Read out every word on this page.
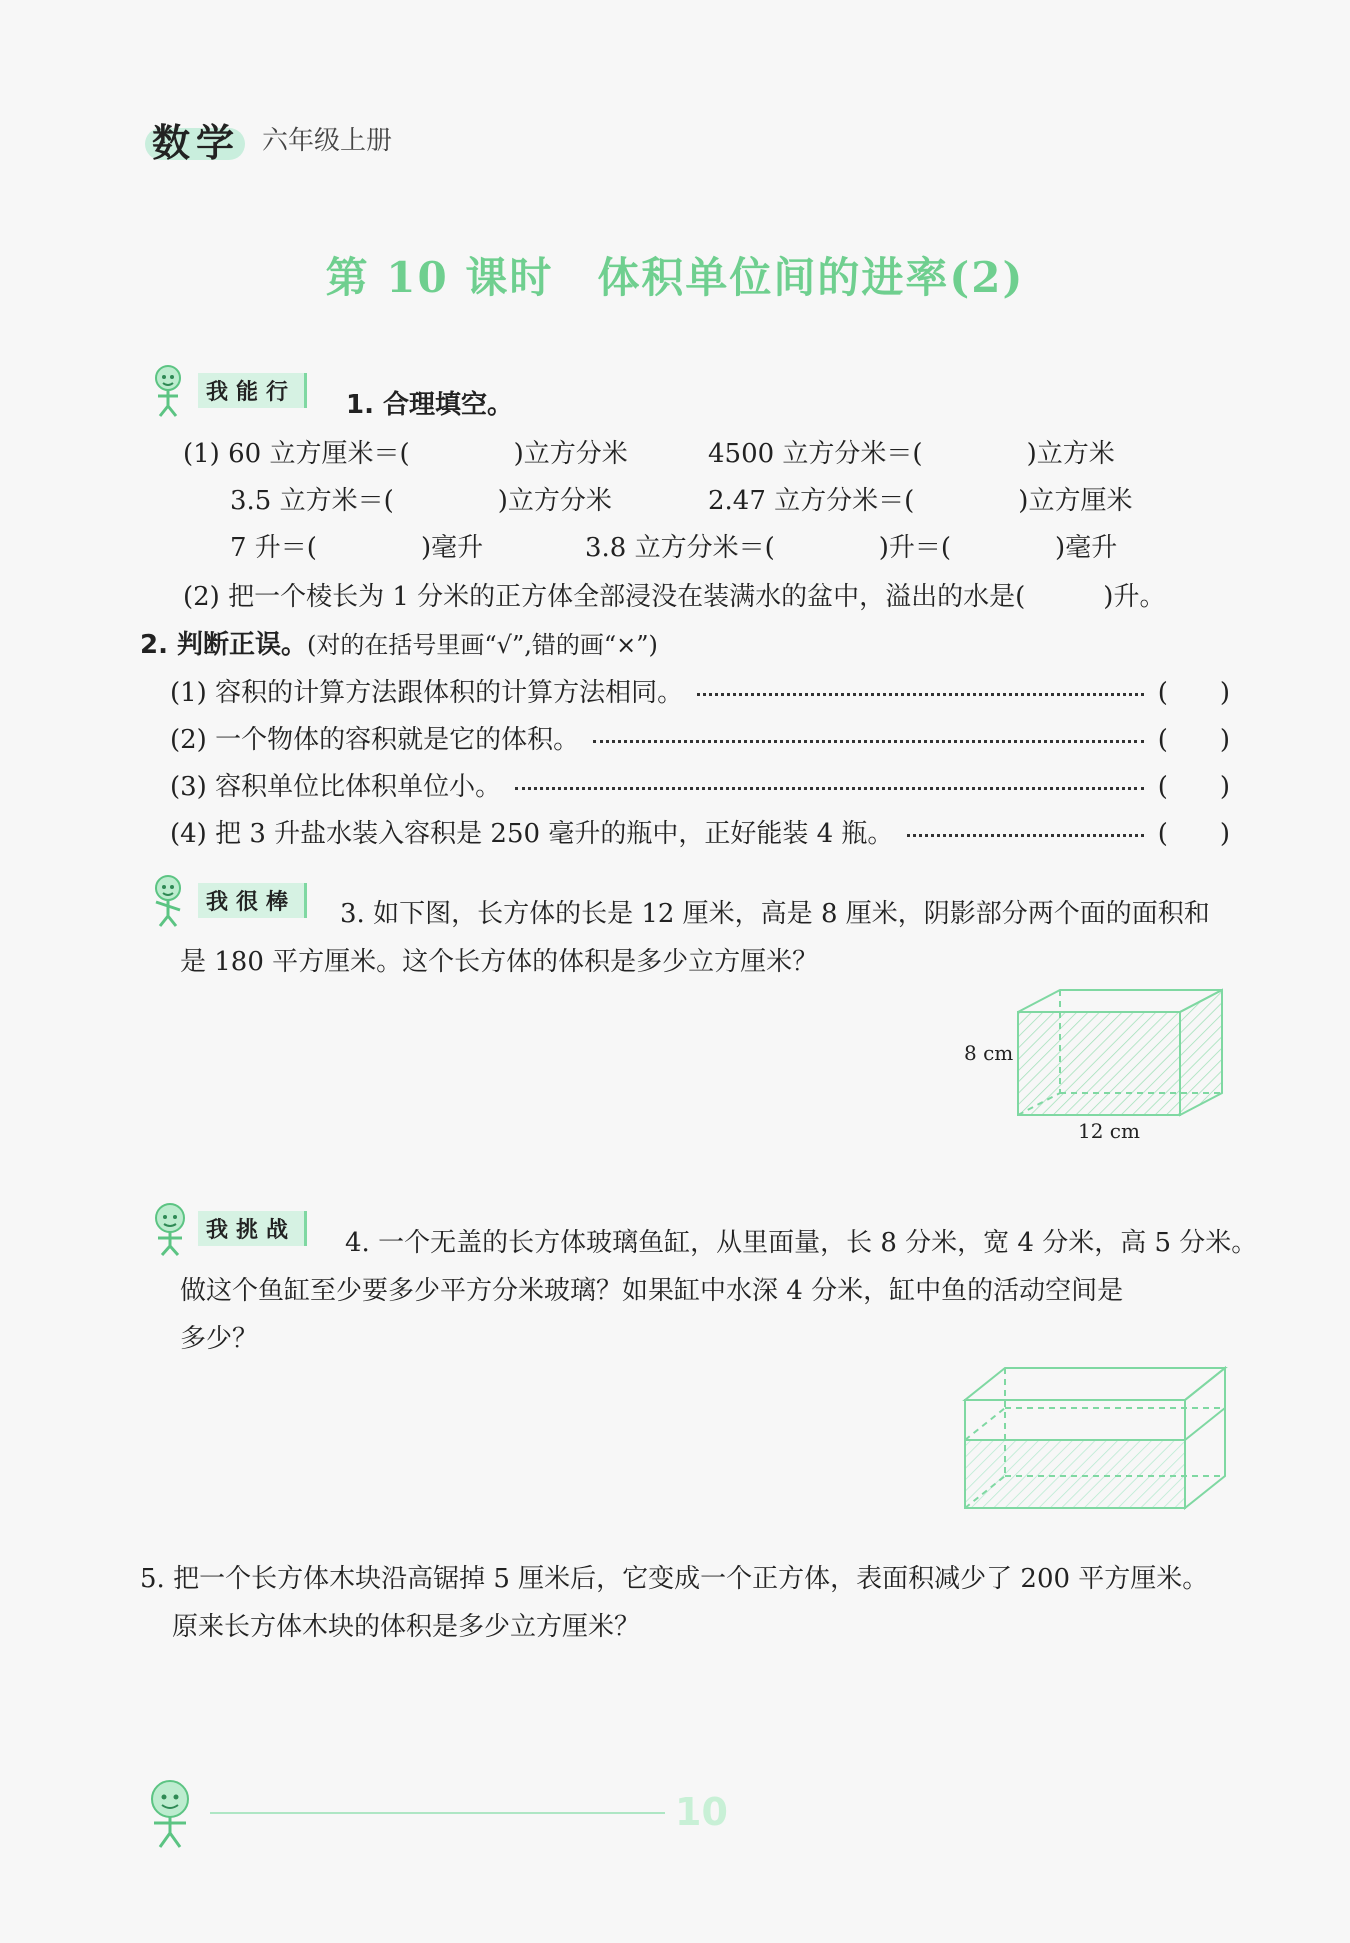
数学 六年级上册
第 10 课时　体积单位间的进率(2)
我能行	1. 合理填空。
(1) 60 立方厘米＝(　　　　)立方分米	4500 立方分米＝(　　　　)立方米
3.5 立方米＝(　　　　)立方分米	2.47 立方分米＝(　　　　)立方厘米
7 升＝(　　　　)毫升	3.8 立方分米＝(　　　　)升＝(　　　　)毫升
(2) 把一个棱长为 1 分米的正方体全部浸没在装满水的盆中，溢出的水是(　　　)升。
2. 判断正误。(对的在括号里画“√”,错的画“×”)
(1) 容积的计算方法跟体积的计算方法相同。	(　　)
(2) 一个物体的容积就是它的体积。	(　　)
(3) 容积单位比体积单位小。	(　　)
(4) 把 3 升盐水装入容积是 250 毫升的瓶中，正好能装 4 瓶。	(　　)
我很棒	3. 如下图，长方体的长是 12 厘米，高是 8 厘米，阴影部分两个面的面积和
是 180 平方厘米。这个长方体的体积是多少立方厘米？
8 cm
12 cm
我挑战	4. 一个无盖的长方体玻璃鱼缸，从里面量，长 8 分米，宽 4 分米，高 5 分米。
做这个鱼缸至少要多少平方分米玻璃？如果缸中水深 4 分米，缸中鱼的活动空间是
多少？
5. 把一个长方体木块沿高锯掉 5 厘米后，它变成一个正方体，表面积减少了 200 平方厘米。
原来长方体木块的体积是多少立方厘米？
10
